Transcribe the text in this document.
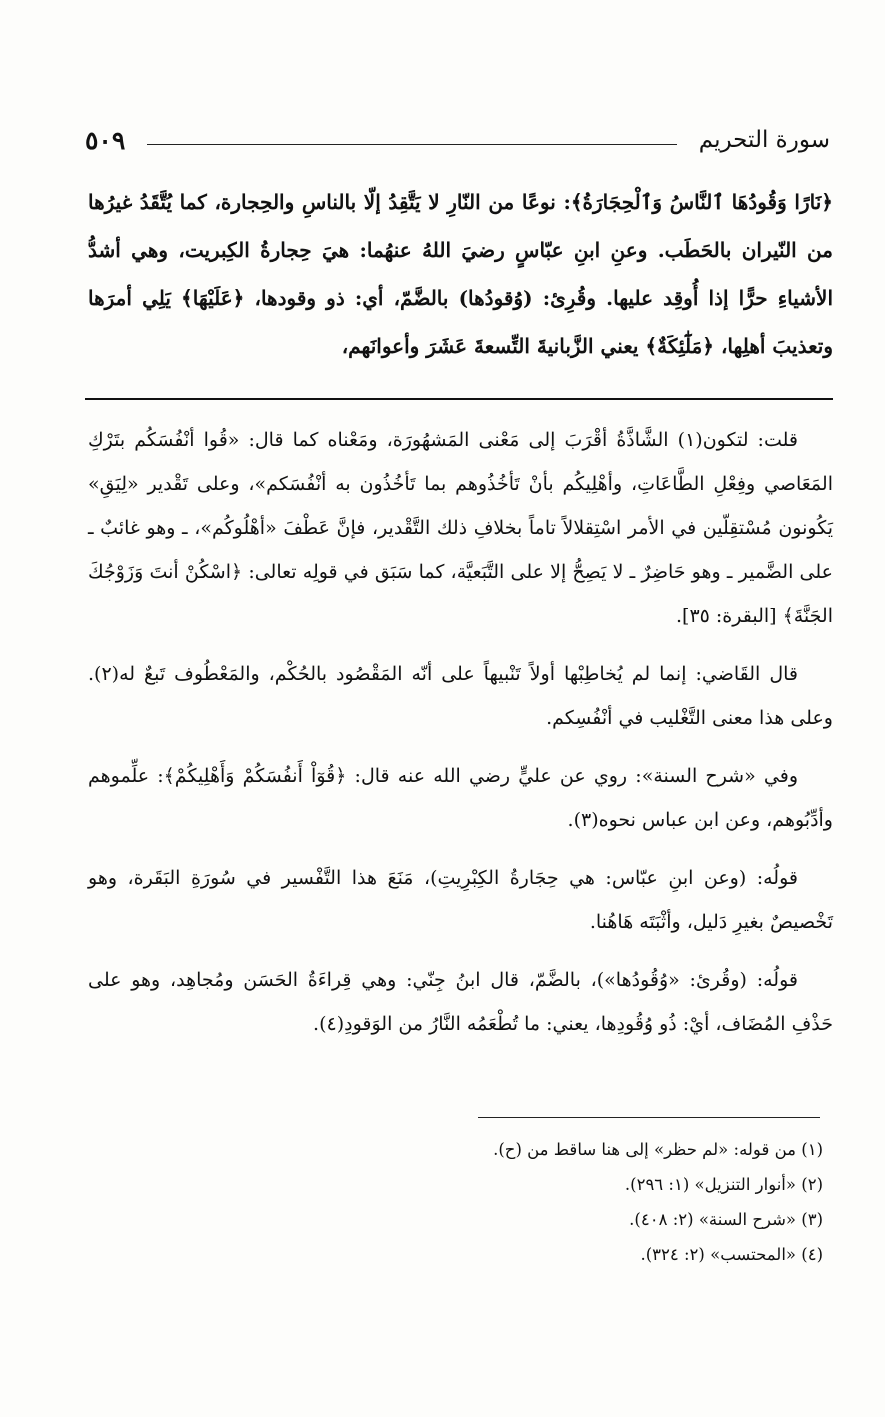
سورة التحريم
٥٠٩
﴿نَارًا وَقُودُهَا ٱلنَّاسُ وَٱلْحِجَارَةُ﴾: نوعًا من النّارِ لا يَتَّقِدُ إلّا بالناسِ والحِجارة، كما يُتَّقَدُ غيرُها من النّيران بالحَطَب. وعنِ ابنِ عبّاسٍ رضيَ اللهُ عنهُما: هيَ حِجارةُ الكِبريت، وهي أشدُّ الأشياءِ حرًّا إذا أُوقِد عليها. وقُرِئ: (وُقودُها) بالضَّمّ، أي: ذو وقودها، ﴿عَلَيْهَا﴾ يَلِي أمرَها وتعذيبَ أهلِها، ﴿مَلَٰٓئِكَةٌ﴾ يعني الزَّبانيةَ التِّسعةَ عَشَرَ وأعوانَهم،

قلت: لتكون(١) الشَّاذَّةُ أقْرَبَ إلى مَعْنى المَشهُورَة، ومَعْناه كما قال: «قُوا أنْفُسَكُم بتَرْكِ المَعَاصي وفِعْلِ الطَّاعَاتِ، وأهْلِيكُم بأنْ تَأخُذُوهم بما تَأخُذُون به أنْفُسَكم»، وعلى تَقْدير «لِيَقِ» يَكُونون مُسْتقِلّين في الأمر اسْتِقلالاً تاماً بخلافِ ذلك التَّقْدير، فإنَّ عَطْفَ «أهْلُوكُم»، ـ وهو غائبٌ ـ على الضَّمير ـ وهو حَاضِرٌ ـ لا يَصِحُّ إلا على التَّبَعيَّة، كما سَبَق في قولِه تعالى: ﴿اسْكُنْ أنتَ وَزَوْجُكَ الجَنَّةَ﴾ [البقرة: ٣٥].

قال القَاضي: إنما لم يُخاطِبْها أولاً تَنْبيهاً على أنّه المَقْصُود بالحُكْم، والمَعْطُوف تَبعٌ له(٢). وعلى هذا معنى التَّغْليب في أنْفُسِكم.

وفي «شرح السنة»: روي عن عليٍّ رضي الله عنه قال: ﴿قُوٓاْ أَنفُسَكُمْ وَأَهْلِيكُمْ﴾: علِّموهم وأدِّبُوهم، وعن ابن عباس نحوه(٣).

قولُه: (وعن ابنِ عبّاس: هي حِجَارةُ الكِبْرِيتِ)، مَنَعَ هذا التَّفْسير في سُورَةِ البَقَرة، وهو تَخْصيصٌ بغيرِ دَليل، وأثْبَتَه هَاهُنا.

قولُه: (وقُرئ: «وُقُودُها»)، بالضَّمّ، قال ابنُ جِنّي: وهي قِراءَةُ الحَسَن ومُجاهِد، وهو على حَذْفِ المُضَاف، أيْ: ذُو وُقُودِها، يعني: ما تُطْعَمُه النَّارُ من الوَقودِ(٤).

(١) من قوله: «لم حظر» إلى هنا ساقط من (ح).
(٢) «أنوار التنزيل» (١: ٢٩٦).
(٣) «شرح السنة» (٢: ٤٠٨).
(٤) «المحتسب» (٢: ٣٢٤).
